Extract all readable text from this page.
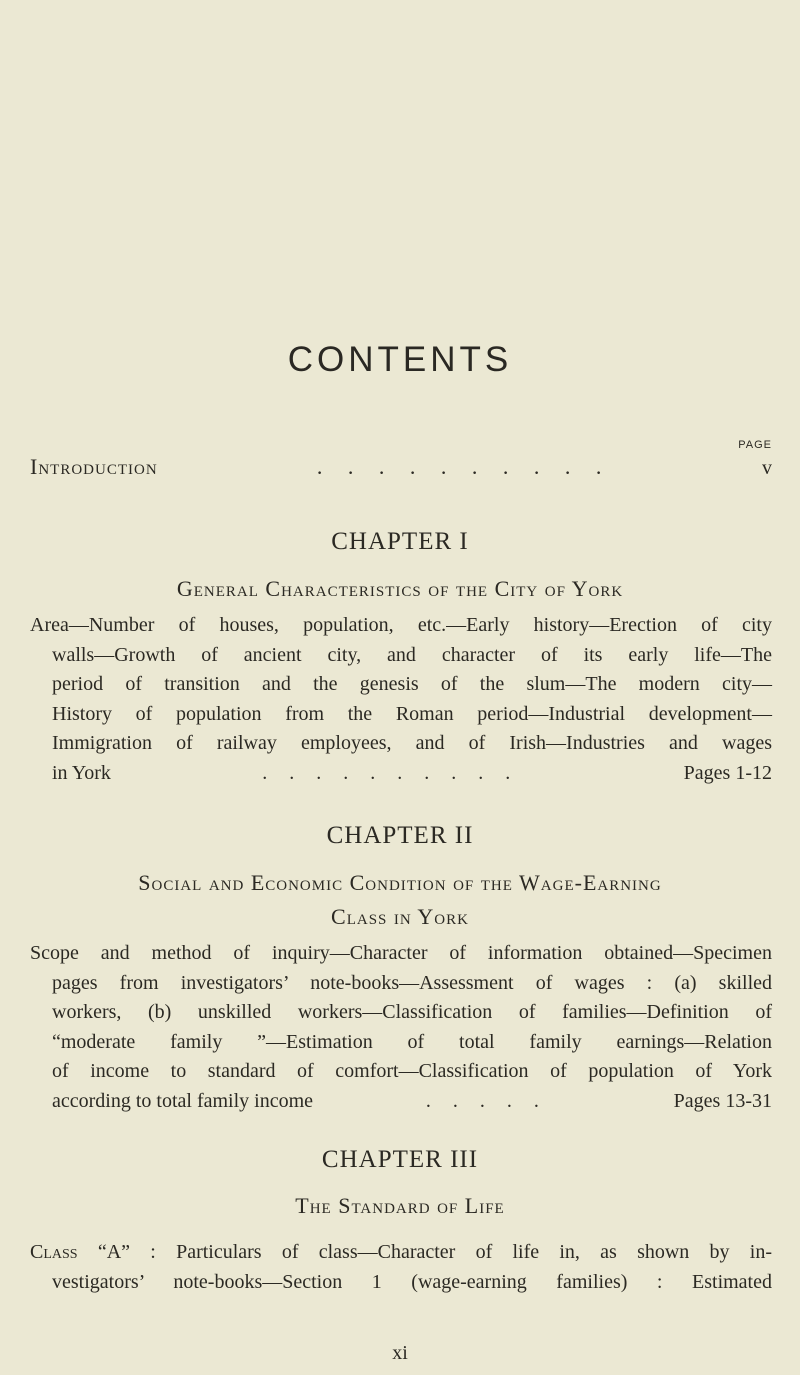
CONTENTS
PAGE
Introduction	..........	v
CHAPTER I
General Characteristics of the City of York
Area—Number of houses, population, etc.—Early history—Erection of city
walls—Growth of ancient city, and character of its early life—The
period of transition and the genesis of the slum—The modern city—
History of population from the Roman period—Industrial development—
Immigration of railway employees, and of Irish—Industries and wages
in York	..........	Pages 1-12
CHAPTER II
Social and Economic Condition of the Wage-Earning
Class in York
Scope and method of inquiry—Character of information obtained—Specimen
pages from investigators’ note-books—Assessment of wages : (a) skilled
workers, (b) unskilled workers—Classification of families—Definition of
“moderate family ”—Estimation of total family earnings—Relation
of income to standard of comfort—Classification of population of York
according to total family income	.....	Pages 13-31
CHAPTER III
The Standard of Life
Class “A” : Particulars of class—Character of life in, as shown by in-
vestigators’ note-books—Section 1 (wage-earning families) : Estimated
xi
